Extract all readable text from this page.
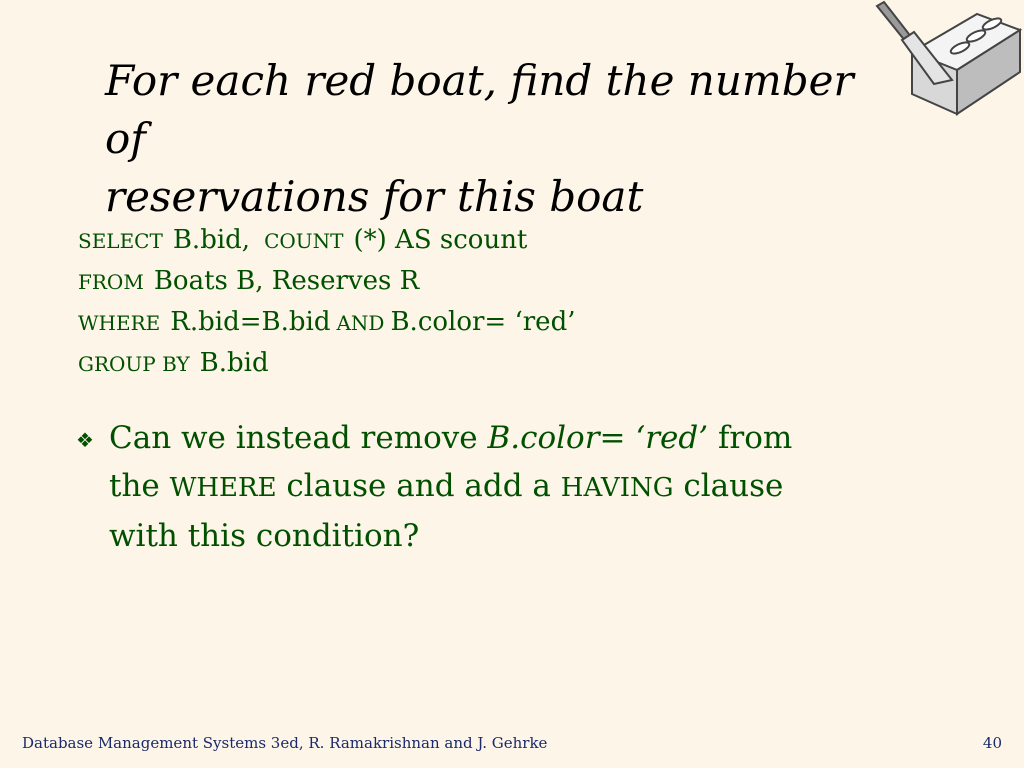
For each red boat, find the number of
reservations for this boat
SELECT B.bid, COUNT (*) AS scount
FROM Boats B, Reserves R
WHERE R.bid=B.bid AND B.color= ‘red’
GROUP BY B.bid
❖ Can we instead remove B.color= ‘red’ from
the WHERE clause and add a HAVING clause
with this condition?
Database Management Systems 3ed, R. Ramakrishnan and J. Gehrke	40
